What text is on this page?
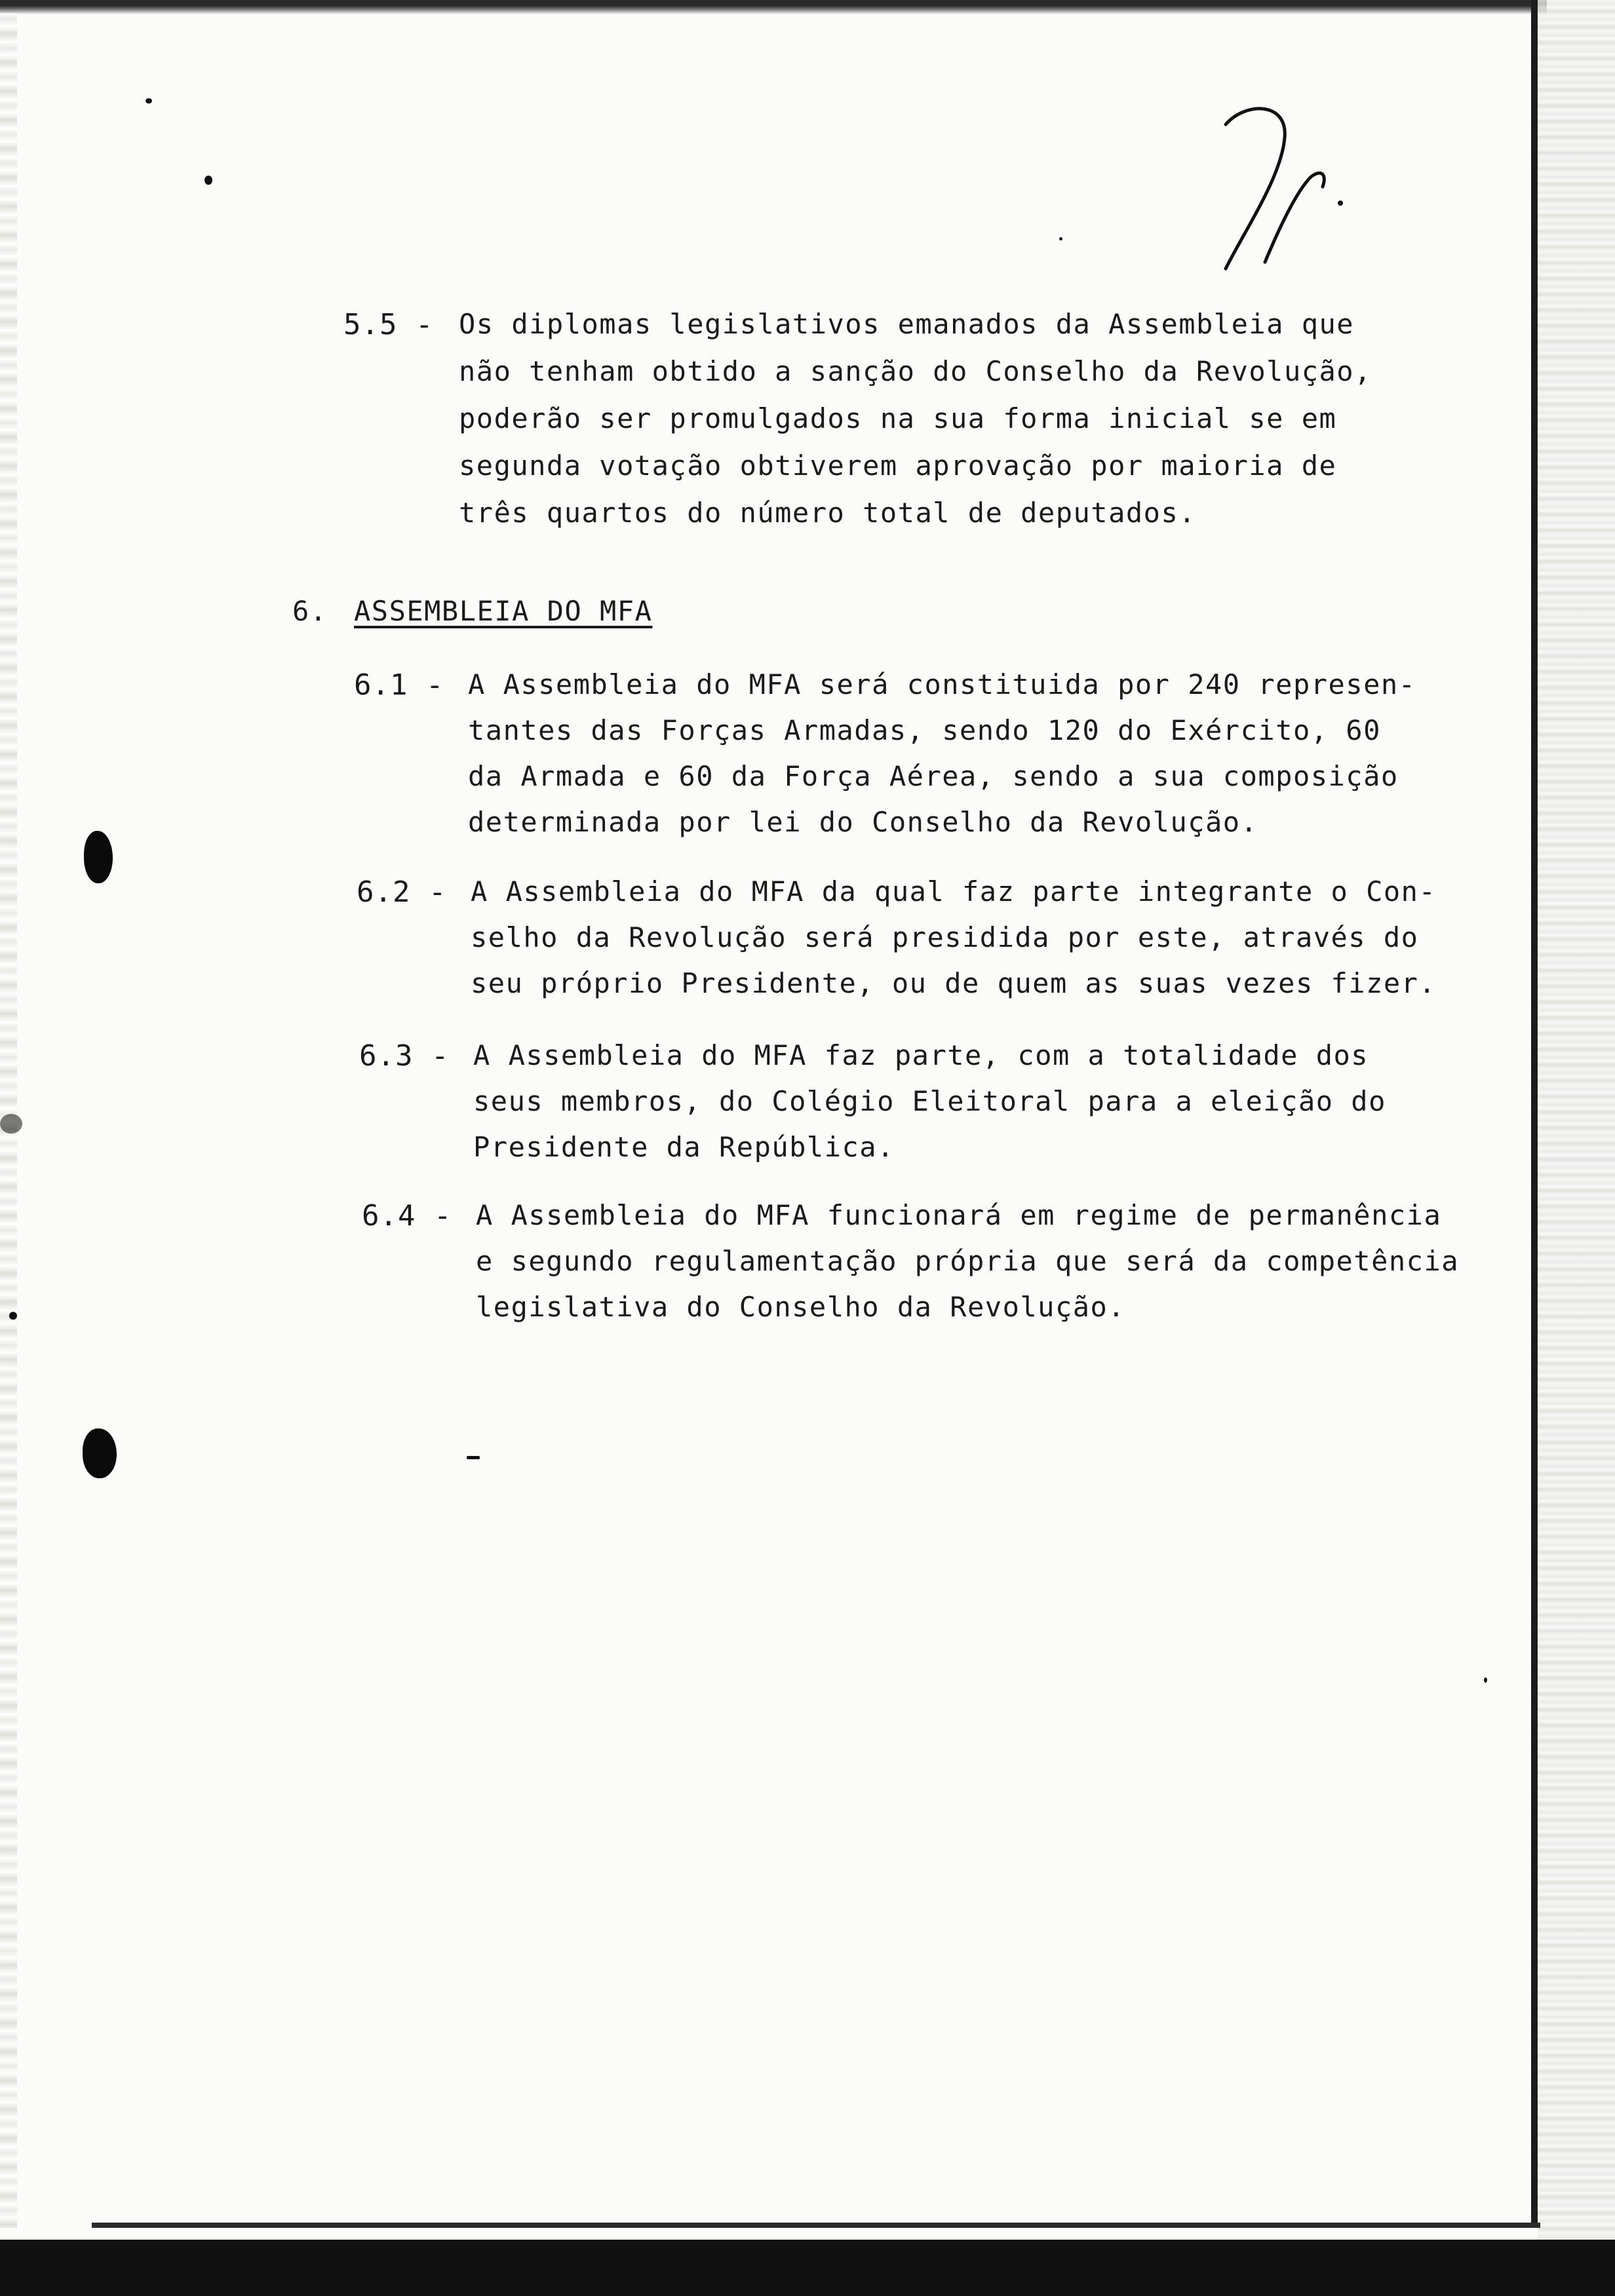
5.5 - Os diplomas legislativos emanados da Assembleia que
não tenham obtido a sanção do Conselho da Revolução,
poderão ser promulgados na sua forma inicial se em
segunda votação obtiverem aprovação por maioria de
três quartos do número total de deputados.
6. ASSEMBLEIA DO MFA
6.1 - A Assembleia do MFA será constituida por 240 represen-
tantes das Forças Armadas, sendo 120 do Exército, 60
da Armada e 60 da Força Aérea, sendo a sua composição
determinada por lei do Conselho da Revolução.
6.2 - A Assembleia do MFA da qual faz parte integrante o Con-
selho da Revolução será presidida por este, através do
seu próprio Presidente, ou de quem as suas vezes fizer.
6.3 - A Assembleia do MFA faz parte, com a totalidade dos
seus membros, do Colégio Eleitoral para a eleição do
Presidente da República.
6.4 - A Assembleia do MFA funcionará em regime de permanência
e segundo regulamentação própria que será da competência
legislativa do Conselho da Revolução.
